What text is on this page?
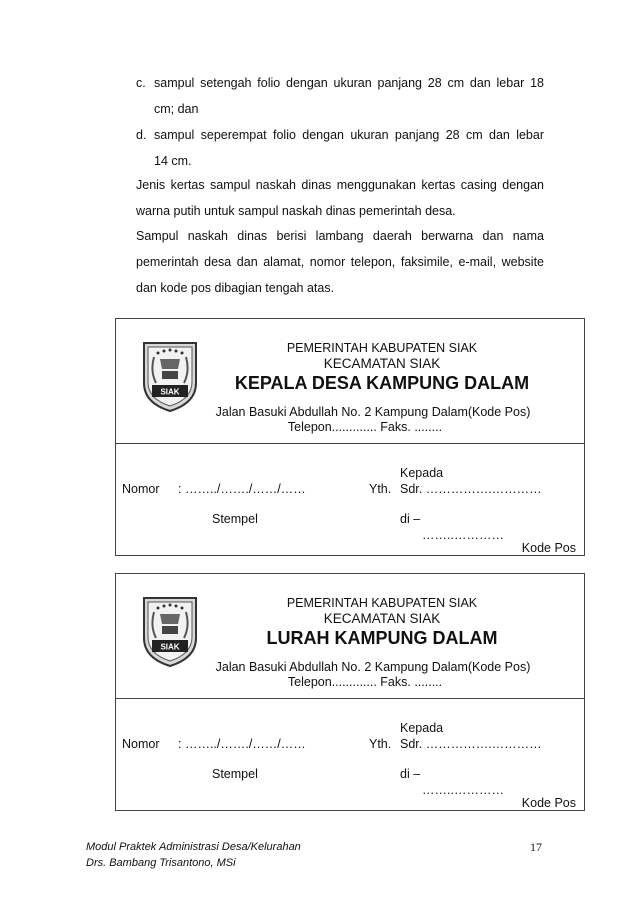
c. sampul setengah folio dengan ukuran panjang 28 cm dan lebar 18
cm; dan
d. sampul seperempat folio dengan ukuran panjang 28 cm dan lebar
14 cm.
Jenis kertas sampul naskah dinas menggunakan kertas casing dengan warna putih untuk sampul naskah dinas pemerintah desa.
Sampul naskah dinas berisi lambang daerah berwarna dan nama pemerintah desa dan alamat, nomor telepon, faksimile, e-mail, website dan kode pos dibagian tengah atas.
SIAK
PEMERINTAH KABUPATEN SIAK
KECAMATAN SIAK
KEPALA DESA KAMPUNG DALAM
Jalan Basuki Abdullah No. 2 Kampung Dalam(Kode Pos)
Telepon............. Faks. ........
Kepada
Nomor : ……../……./……/……	Yth. Sdr. …………….…………
Stempel	di –
……..…………
Kode Pos
SIAK
PEMERINTAH KABUPATEN SIAK
KECAMATAN SIAK
LURAH KAMPUNG DALAM
Jalan Basuki Abdullah No. 2 Kampung Dalam(Kode Pos)
Telepon............. Faks. ........
Kepada
Nomor : ……../……./……/……	Yth. Sdr. …………….…………
Stempel	di –
……..…………
Kode Pos
Modul Praktek Administrasi Desa/Kelurahan
Drs. Bambang Trisantono, MSi
17
